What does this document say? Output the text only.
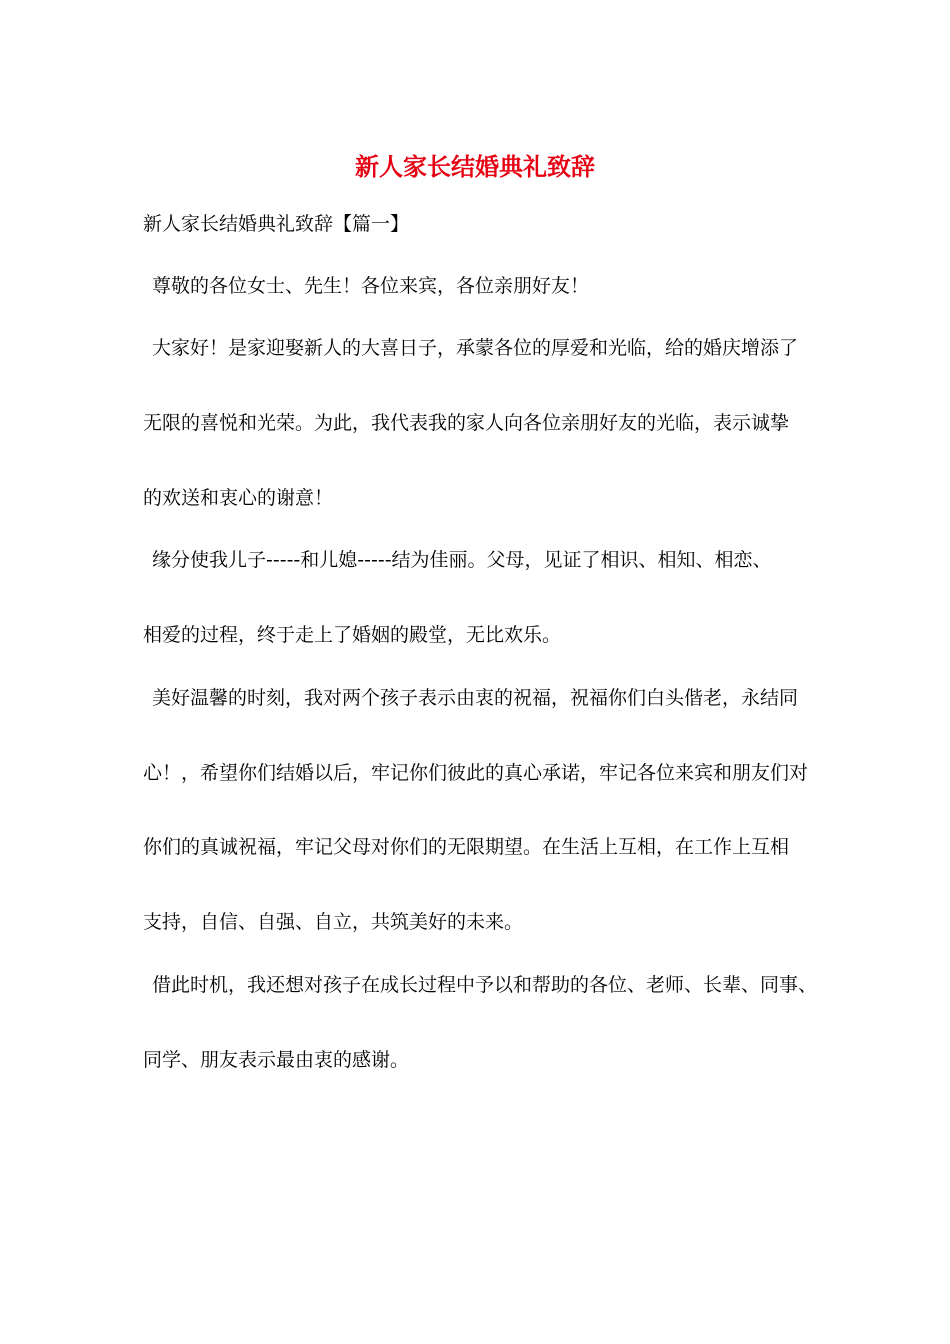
新人家长结婚典礼致辞
新人家长结婚典礼致辞【篇一】
尊敬的各位女士、先生！各位来宾，各位亲朋好友！
大家好！是家迎娶新人的大喜日子，承蒙各位的厚爱和光临，给的婚庆增添了
无限的喜悦和光荣。为此，我代表我的家人向各位亲朋好友的光临，表示诚挚
的欢送和衷心的谢意！
缘分使我儿子-----和儿媳-----结为佳丽。父母，见证了相识、相知、相恋、
相爱的过程，终于走上了婚姻的殿堂，无比欢乐。
美好温馨的时刻，我对两个孩子表示由衷的祝福，祝福你们白头偕老，永结同
心！，希望你们结婚以后，牢记你们彼此的真心承诺，牢记各位来宾和朋友们对
你们的真诚祝福，牢记父母对你们的无限期望。在生活上互相，在工作上互相
支持，自信、自强、自立，共筑美好的未来。
借此时机，我还想对孩子在成长过程中予以和帮助的各位、老师、长辈、同事、
同学、朋友表示最由衷的感谢。
